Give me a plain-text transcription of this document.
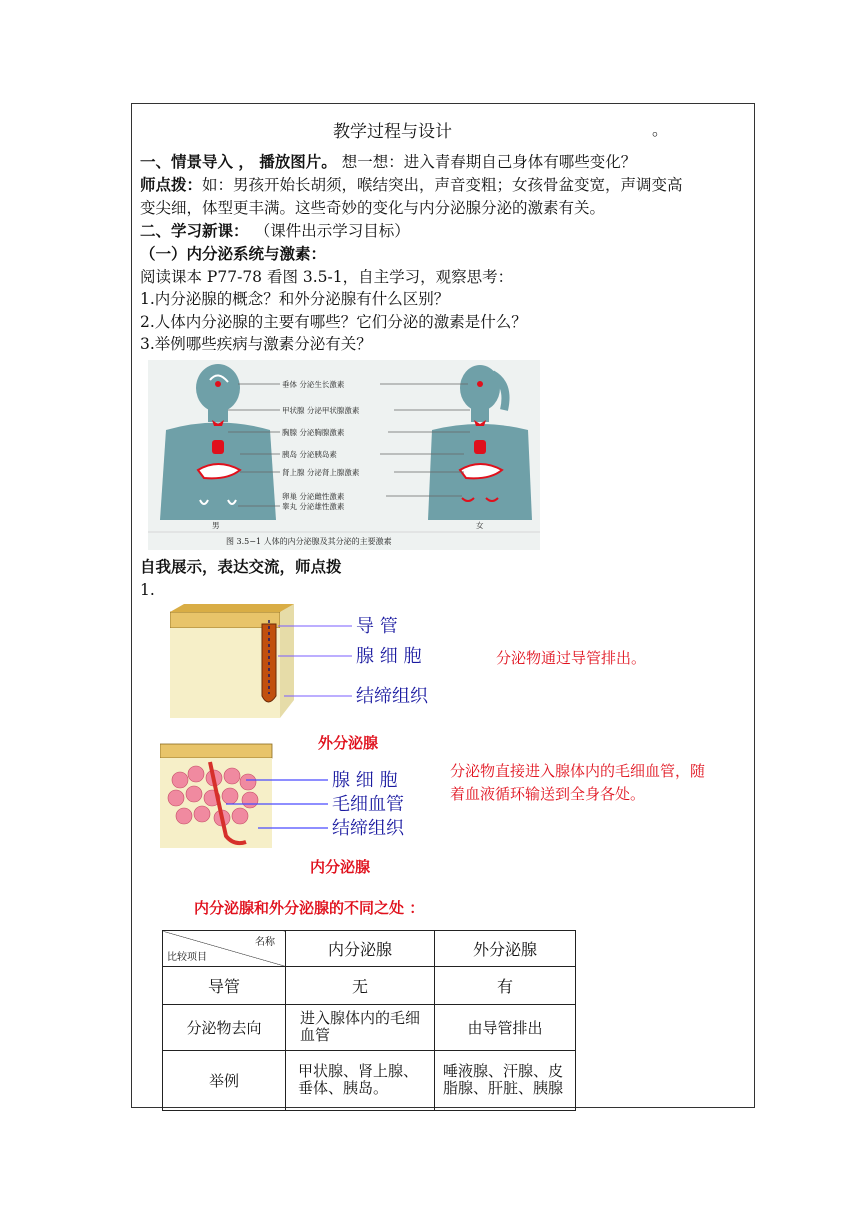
教学过程与设计	。
一、情景导入 ， 播放图片。 想一想：进入青春期自己身体有哪些变化？
师点拨：如：男孩开始长胡须，喉结突出，声音变粗；女孩骨盆变宽，声调变高
变尖细，体型更丰满。这些奇妙的变化与内分泌腺分泌的激素有关。
二、学习新课： （课件出示学习目标）
（一）内分泌系统与激素：
阅读课本 P77-78 看图 3.5-1，自主学习，观察思考：
1.内分泌腺的概念？和外分泌腺有什么区别？
2.人体内分泌腺的主要有哪些？它们分泌的激素是什么？
3.举例哪些疾病与激素分泌有关？
垂体 分泌生长激素
甲状腺 分泌甲状腺激素
胸腺 分泌胸腺激素
胰岛 分泌胰岛素
肾上腺 分泌肾上腺激素
卵巢 分泌雌性激素
睾丸 分泌雄性激素
男	女
图 3.5−1 人体的内分泌腺及其分泌的主要激素
自我展示，表达交流，师点拨
1.
导 管
腺 细 胞
结缔组织
分泌物通过导管排出。
外分泌腺
腺 细 胞
毛细血管
结缔组织
分泌物直接进入腺体内的毛细血管，随
着血液循环输送到全身各处。
内分泌腺
内分泌腺和外分泌腺的不同之处 ：
名称
比较项目	内分泌腺	外分泌腺
导管	无	有
分泌物去向	进入腺体内的毛细血管	由导管排出
举例	甲状腺、肾上腺、垂体、胰岛。	唾液腺、汗腺、皮脂腺、肝脏、胰腺
